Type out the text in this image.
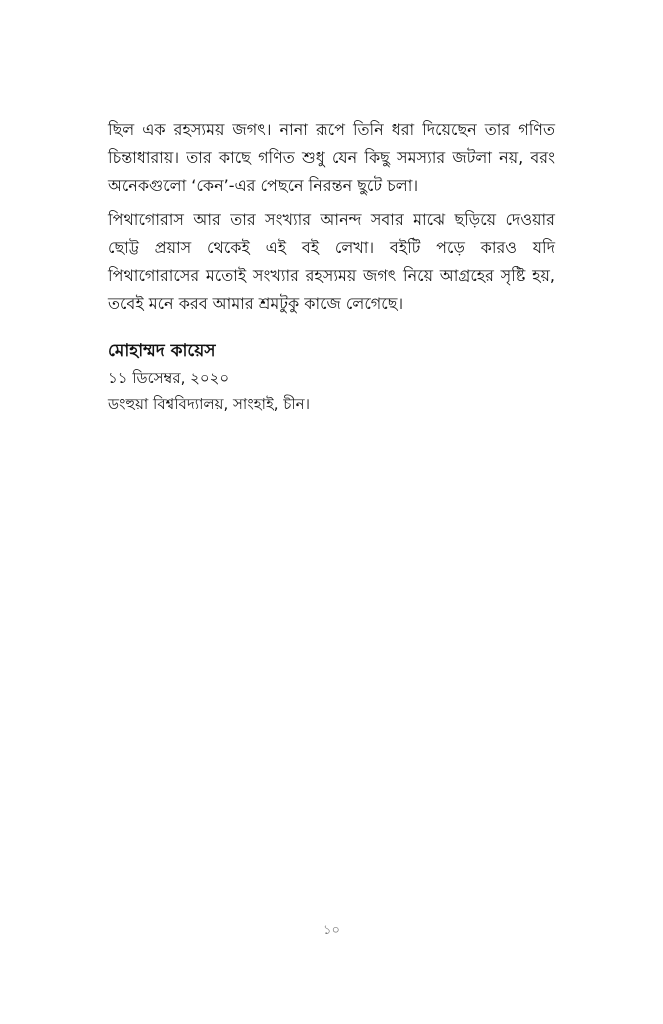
ছিল এক রহস্যময় জগৎ। নানা রূপে তিনি ধরা দিয়েছেন তার গণিত চিন্তাধারায়। তার কাছে গণিত শুধু যেন কিছু সমস্যার জটলা নয়, বরং অনেকগুলো ‘কেন’-এর পেছনে নিরন্তন ছুটে চলা।

পিথাগোরাস আর তার সংখ্যার আনন্দ সবার মাঝে ছড়িয়ে দেওয়ার ছোট্ট প্রয়াস থেকেই এই বই লেখা। বইটি পড়ে কারও যদি পিথাগোরাসের মতোই সংখ্যার রহস্যময় জগৎ নিয়ে আগ্রহের সৃষ্টি হয়, তবেই মনে করব আমার শ্রমটুকু কাজে লেগেছে।

মোহাম্মদ কায়েস

১১ ডিসেম্বর, ২০২০

ডংহুয়া বিশ্ববিদ্যালয়, সাংহাই, চীন।

১০
